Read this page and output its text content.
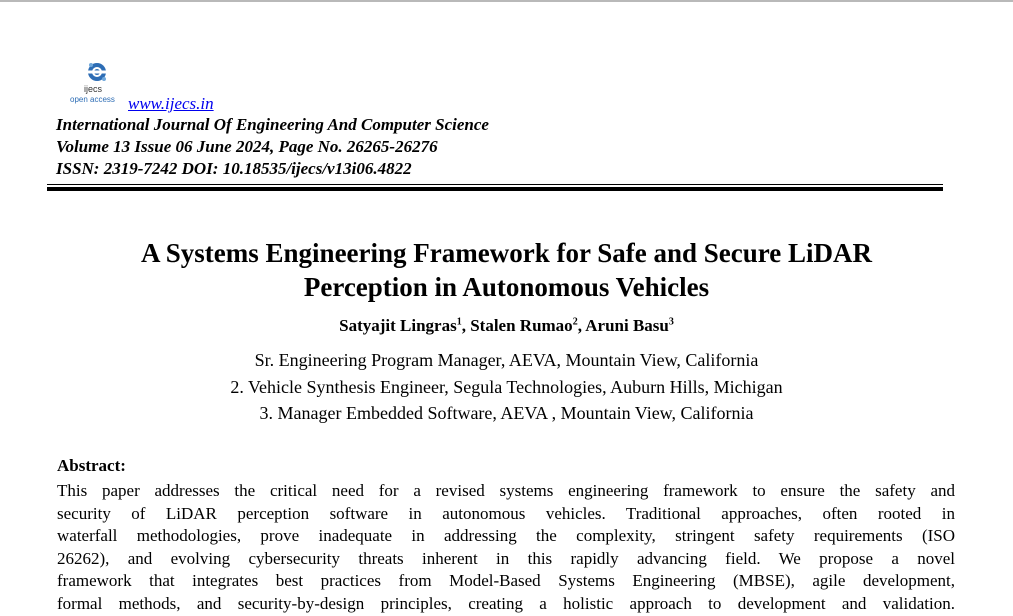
ijecs
open access www.ijecs.in
International Journal Of Engineering And Computer Science
Volume 13 Issue 06 June 2024, Page No. 26265-26276
ISSN: 2319-7242 DOI: 10.18535/ijecs/v13i06.4822
A Systems Engineering Framework for Safe and Secure LiDAR
Perception in Autonomous Vehicles
Satyajit Lingras$^1$, Stalen Rumao$^2$, Aruni Basu$^3$
Sr. Engineering Program Manager, AEVA, Mountain View, California
2. Vehicle Synthesis Engineer, Segula Technologies, Auburn Hills, Michigan
3. Manager Embedded Software, AEVA , Mountain View, California
Abstract:
This paper addresses the critical need for a revised systems engineering framework to ensure the safety and
security of LiDAR perception software in autonomous vehicles. Traditional approaches, often rooted in
waterfall methodologies, prove inadequate in addressing the complexity, stringent safety requirements (ISO
26262), and evolving cybersecurity threats inherent in this rapidly advancing field. We propose a novel
framework that integrates best practices from Model-Based Systems Engineering (MBSE), agile development,
formal methods, and security-by-design principles, creating a holistic approach to development and validation.
